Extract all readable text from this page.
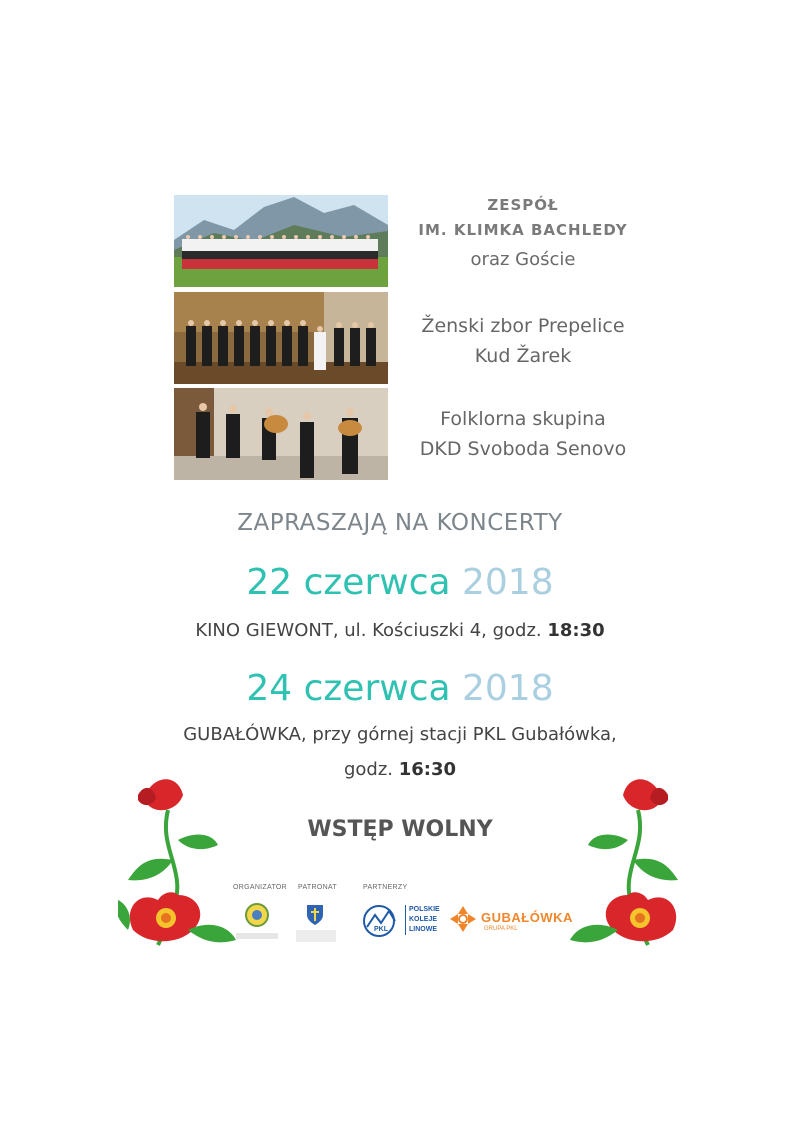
ZESPÓŁ
IM. KLIMKA BACHLEDY
oraz Goście
Ženski zbor Prepelice
Kud Žarek
Folklorna skupina
DKD Svoboda Senovo
ZAPRASZAJĄ NA KONCERTY
22 czerwca 2018
KINO GIEWONT, ul. Kościuszki 4, godz. 18:30
24 czerwca 2018
GUBAŁÓWKA, przy górnej stacji PKL Gubałówka,
godz. 16:30
WSTĘP WOLNY
ORGANIZATOR PATRONAT	PARTNERZY
PKL
POLSKIE
KOLEJE
LINOWE
GUBAŁÓWKA
GRUPA PKL
